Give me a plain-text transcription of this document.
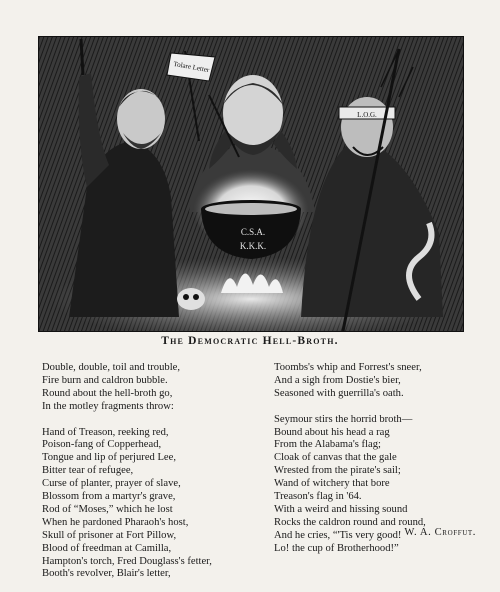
Tolare Letter
L.O.G.
C.S.A.
K.K.K.
The Democratic Hell-Broth.
Double, double, toil and trouble,
Fire burn and caldron bubble.
Round about the hell-broth go,
In the motley fragments throw:
Hand of Treason, reeking red,
Poison-fang of Copperhead,
Tongue and lip of perjured Lee,
Bitter tear of refugee,
Curse of planter, prayer of slave,
Blossom from a martyr's grave,
Rod of “Moses,” which he lost
When he pardoned Pharaoh's host,
Skull of prisoner at Fort Pillow,
Blood of freedman at Camilla,
Hampton's torch, Fred Douglass's fetter,
Booth's revolver, Blair's letter,
Toombs's whip and Forrest's sneer,
And a sigh from Dostie's bier,
Seasoned with guerrilla's oath.
Seymour stirs the horrid broth—
Bound about his head a rag
From the Alabama's flag;
Cloak of canvas that the gale
Wrested from the pirate's sail;
Wand of witchery that bore
Treason's flag in '64.
With a weird and hissing sound
Rocks the caldron round and round,
And he cries, “'Tis very good!
Lo! the cup of Brotherhood!”
W. A. Croffut.
